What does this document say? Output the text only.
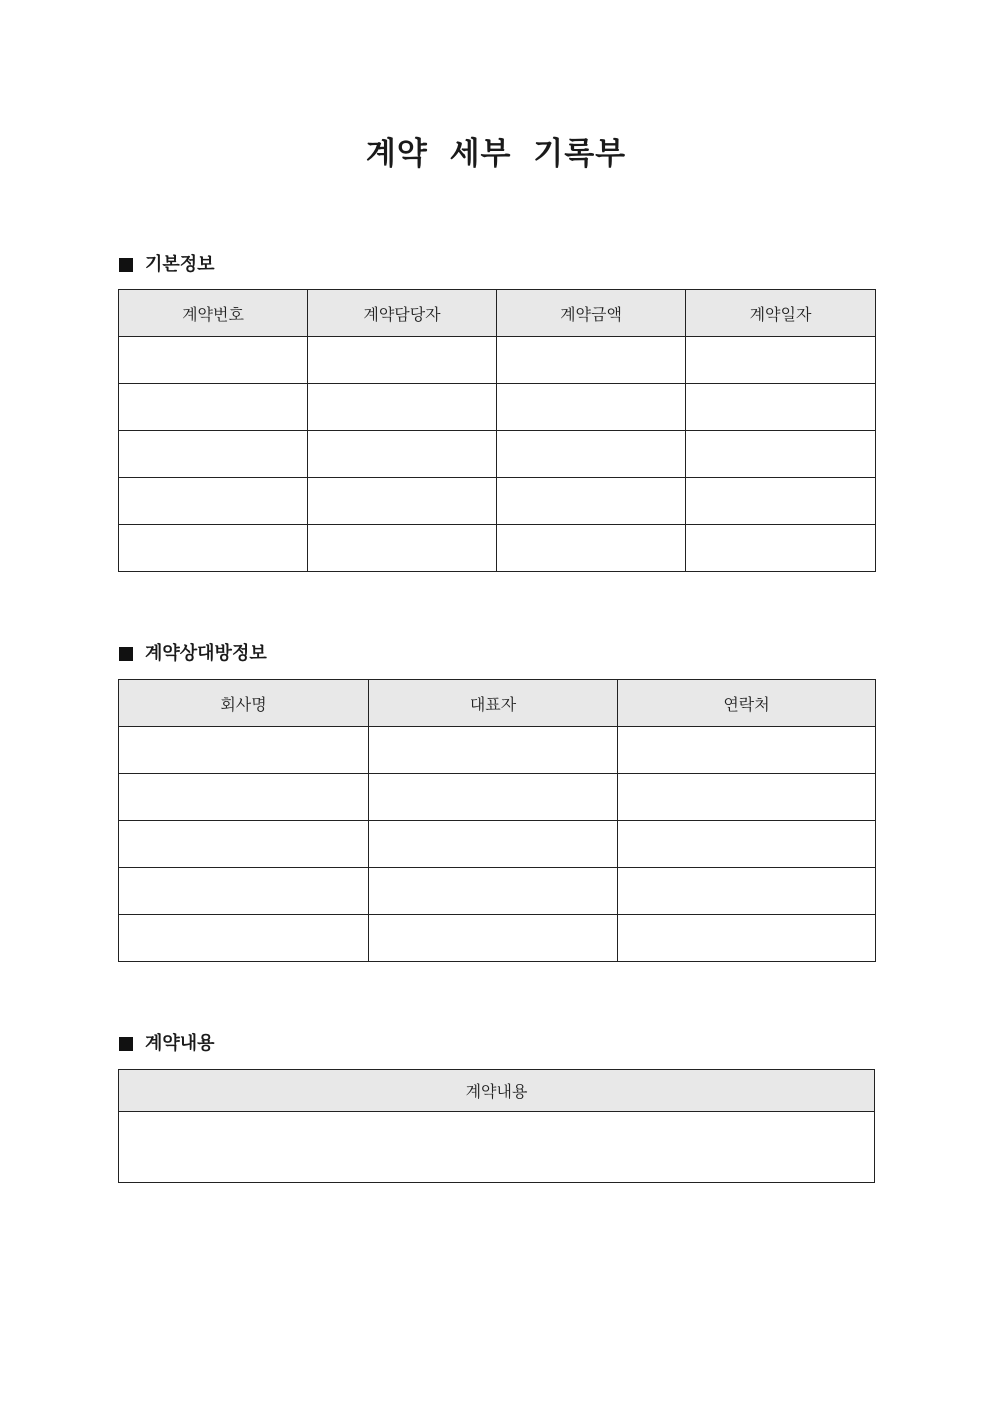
계약 세부 기록부
기본정보
계약번호	계약담당자	계약금액	계약일자

계약상대방정보
회사명	대표자	연락처

계약내용
계약내용
